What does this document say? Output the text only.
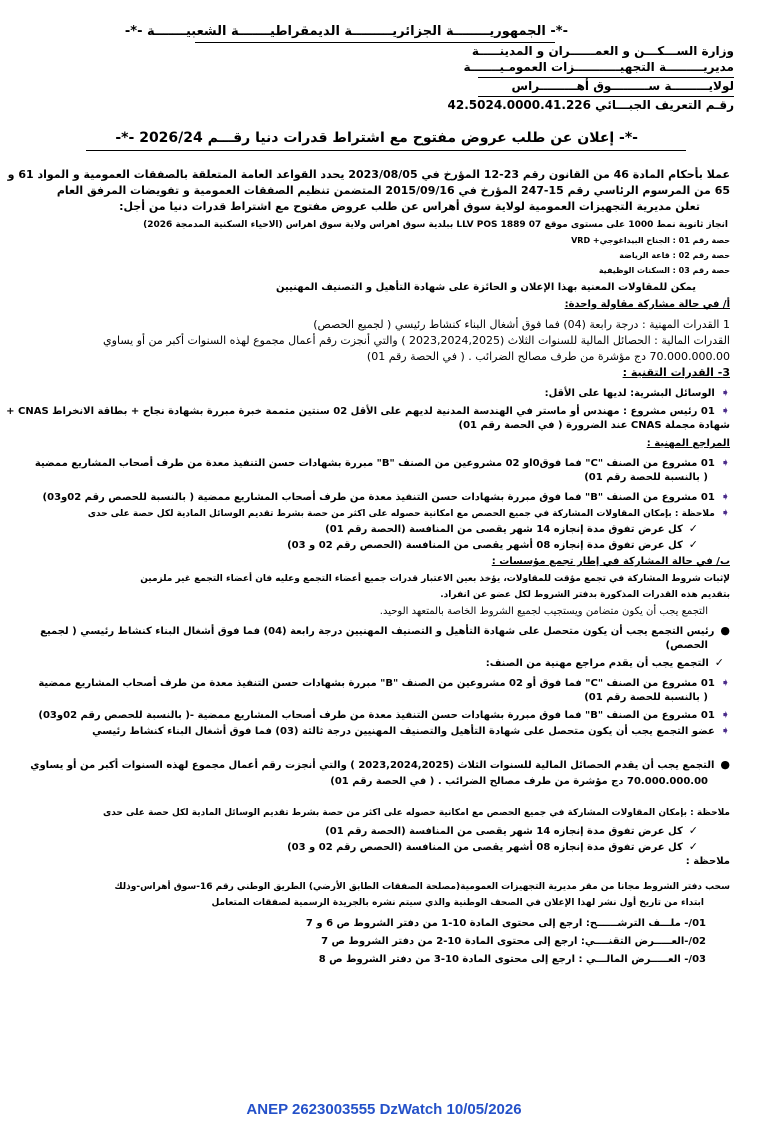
-*- الجمهوريــــــــة الجزائريـــــــــة الديمقراطيـــــــة الشعبيـــــــة -*-
وزارة الســـكـــن و العمــــــران و المدينـــــة
مديريـــــــــة التجهيـــــــــــزات العمومـيـــــــة
لولايـــــــــة ســـــــــوق أهـــــــــراس
رقـم التعريف الجبـــائي 42.5024.0000.41.226
-*- إعلان عن طلب عروض مفتوح مع اشتراط قدرات دنيا رقـــم 2026/24 -*-
عملا بأحكام المادة 46 من القانون رقم 23-12 المؤرخ في 2023/08/05 يحدد القواعد العامة المتعلقة بالصفقات العمومية و المواد 61 و
65 من المرسوم الرئاسي رقم 15-247 المؤرخ في 2015/09/16 المتضمن تنظيم الصفقات العمومية و تفويضات المرفق العام
تعلن مديرية التجهيزات العمومية لولاية سوق أهراس عن طلب عروض مفتوح مع اشتراط قدرات دنيا من أجل:
انجاز ثانوية نمط 1000 على مستوى موقع 07 LLV POS 1889 ببلدية سوق اهراس ولاية سوق اهراس (الاحياء السكنية المدمجة 2026)
حصة رقم 01 : الجناح البيداغوجي+ VRD
حصة رقم 02 : قاعة الرياضة
حصة رقم 03 : السكنات الوظيفية
يمكن للمقاولات المعنية بهذا الإعلان و الحائزة على شهادة التأهيل و التصنيف المهنيين
أ/ في حالة مشاركة مقاولة واحدة:
1 القدرات المهنية : درجة رابعة (04) فما فوق أشغال البناء كنشاط رئيسي ( لجميع الحصص)
القدرات المالية : الحصائل المالية للسنوات الثلاث (2023,2024,2025 ) والتي أنجزت رقم أعمال مجموع لهذه السنوات أكبر من أو يساوي
70.000.000.00 دج مؤشرة من طرف مصالح الضرائب . ( في الحصة رقم 01)
3- القدرات التقنية :
➧الوسائل البشرية: لديها على الأقل:
➧01 رئيس مشروع : مهندس أو ماستر في الهندسة المدنية لديهم على الأقل 02 سنتين متممة خبرة مبررة بشهادة نجاح + بطاقة الانخراط CNAS +
شهادة مجملة CNAS عند الضرورة ( في الحصة رقم 01)
المراجع المهنية :
➧01 مشروع من الصنف "C" فما فوق0او 02 مشروعين من الصنف "B" مبررة بشهادات حسن التنفيذ معدة من طرف أصحاب المشاريع ممضية
( بالنسبة للحصة رقم 01)
➧01 مشروع من الصنف "B" فما فوق مبررة بشهادات حسن التنفيذ معدة من طرف أصحاب المشاريع ممضية ( بالنسبة للحصص رقم 02و03)
➧ملاحظة : بإمكان المقاولات المشاركة في جميع الحصص مع امكانية حصوله على اكثر من حصة بشرط تقديم الوسائل المادية لكل حصة على حدى
✓كل عرض تفوق مدة إنجازه 14 شهر يقصى من المنافسة (الحصة رقم 01)
✓كل عرض تفوق مدة إنجازه 08 أشهر يقصى من المنافسة (الحصص رقم 02 و 03)
ب/ في حالة المشاركة في إطار تجمع مؤسسات :
لإثبات شروط المشاركة في تجمع مؤقت للمقاولات، يؤخذ بعين الاعتبار قدرات جميع أعضاء التجمع وعليه فان أعضاء التجمع غير ملزمين
بتقديم هذه القدرات المذكورة بدفتر الشروط لكل عضو عن انفراد.
التجمع يجب أن يكون متضامن ويستجيب لجميع الشروط الخاصة بالمتعهد الوحيد.
●رئيس التجمع يجب أن يكون متحصل على شهادة التأهيل و التصنيف المهنيين درجة رابعة (04) فما فوق أشغال البناء كنشاط رئيسي ( لجميع
الحصص)
✓التجمع يجب أن يقدم مراجع مهنية من الصنف:
➧01 مشروع من الصنف "C" فما فوق أو 02 مشروعين من الصنف "B" مبررة بشهادات حسن التنفيذ معدة من طرف أصحاب المشاريع ممضية
( بالنسبة للحصة رقم 01)
➧01 مشروع من الصنف "B" فما فوق مبررة بشهادات حسن التنفيذ معدة من طرف أصحاب المشاريع ممضية -( بالنسبة للحصص رقم 02و03)
➧عضو التجمع يجب أن يكون متحصل على شهادة التأهيل والتصنيف المهنيين درجة ثالثة (03) فما فوق أشغال البناء كنشاط رئيسي
●التجمع يجب أن يقدم الحصائل المالية للسنوات الثلاث (2023,2024,2025 ) والتي أنجزت رقم أعمال مجموع لهذه السنوات أكبر من أو يساوي
70.000.000.00 دج مؤشرة من طرف مصالح الضرائب . ( في الحصة رقم 01)
ملاحظة : بإمكان المقاولات المشاركة في جميع الحصص مع امكانية حصوله على اكثر من حصة بشرط تقديم الوسائل المادية لكل حصة على حدى
✓كل عرض تفوق مدة إنجازه 14 شهر يقصى من المنافسة (الحصة رقم 01)
✓كل عرض تفوق مدة إنجازه 08 أشهر يقصى من المنافسة (الحصص رقم 02 و 03)
ملاحظة :
سحب دفتر الشروط مجانا من مقر مديرية التجهيزات العمومية(مصلحة الصفقات الطابق الأرضي) الطريق الوطني رقم 16-سوق أهراس-وذلك
ابتداء من تاريخ أول نشر لهذا الإعلان في الصحف الوطنية والذي سيتم نشره بالجريدة الرسمية لصفقات المتعامل
01/- ملـــف الترشــــــح: ارجع إلى محتوى المادة 10-1 من دفتر الشروط ص 6 و 7
02/-العـــــرض التقنــــي: ارجع إلى محتوى المادة 10-2 من دفتر الشروط ص 7
03/- العـــــرض المالـــي : ارجع إلى محتوى المادة 10-3 من دفتر الشروط ص 8
ANEP 2623003555 DzWatch 10/05/2026
